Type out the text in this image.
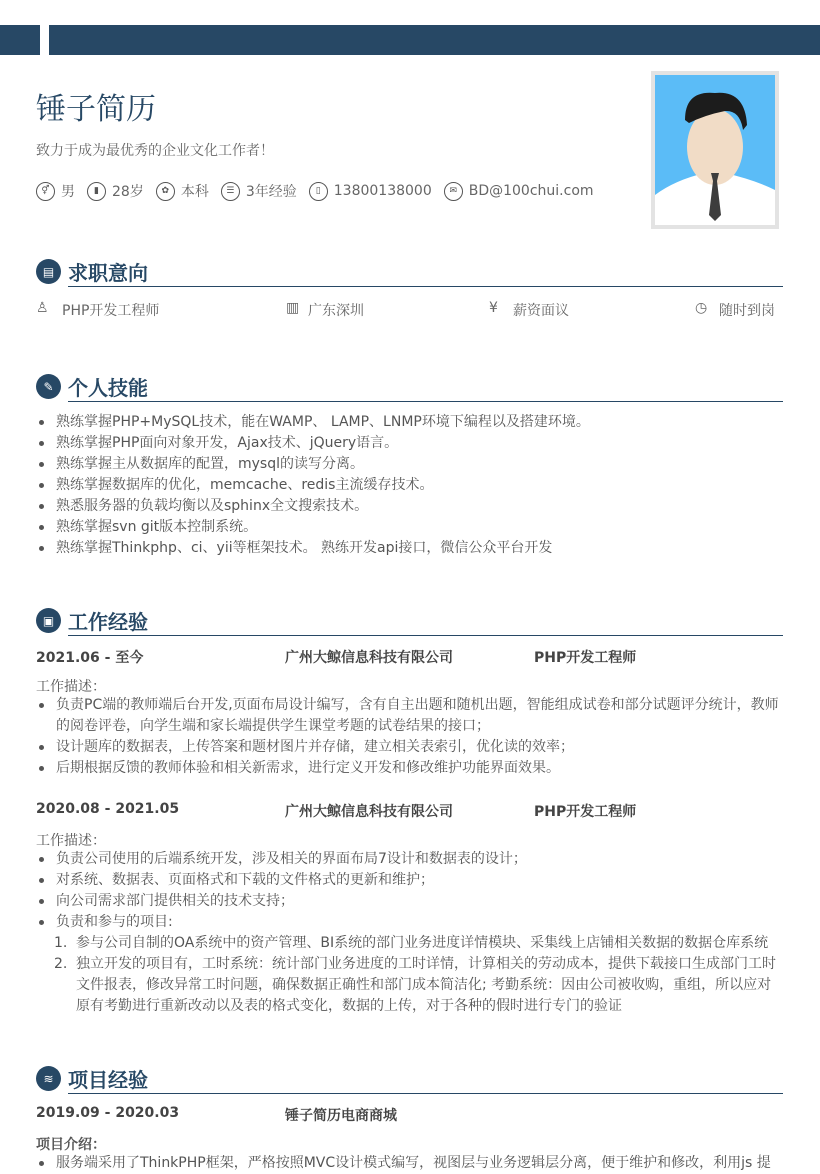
锤子简历
致力于成为最优秀的企业文化工作者！
⚥ 男	▮ 28岁	✿ 本科	☰ 3年经验	▯ 13800138000	✉ BD@100chui.com
▤ 求职意向
♙ PHP开发工程师	▥ 广东深圳	¥ 薪资面议	◷ 随时到岗
✎ 个人技能
熟练掌握PHP+MySQL技术，能在WAMP、 LAMP、LNMP环境下编程以及搭建环境。
熟练掌握PHP面向对象开发，Ajax技术、jQuery语言。
熟练掌握主从数据库的配置，mysql的读写分离。
熟练掌握数据库的优化，memcache、redis主流缓存技术。
熟悉服务器的负载均衡以及sphinx全文搜索技术。
熟练掌握svn git版本控制系统。
熟练掌握Thinkphp、ci、yii等框架技术。 熟练开发api接口，微信公众平台开发
▣ 工作经验
2021.06 - 至今	广州大鲸信息科技有限公司	PHP开发工程师
工作描述：
负责PC端的教师端后台开发,页面布局设计编写，含有自主出题和随机出题，智能组成试卷和部分试题评分统计，教师的阅卷评卷，向学生端和家长端提供学生课堂考题的试卷结果的接口；
设计题库的数据表，上传答案和题材图片并存储，建立相关表索引，优化读的效率；
后期根据反馈的教师体验和相关新需求，进行定义开发和修改维护功能界面效果。
2020.08 - 2021.05	广州大鲸信息科技有限公司	PHP开发工程师
工作描述：
负责公司使用的后端系统开发，涉及相关的界面布局7设计和数据表的设计；
对系统、数据表、页面格式和下载的文件格式的更新和维护；
向公司需求部门提供相关的技术支持；
负责和参与的项目:
1. 参与公司自制的OA系统中的资产管理、BI系统的部门业务进度详情模块、采集线上店铺相关数据的数据仓库系统
2. 独立开发的项目有，工时系统：统计部门业务进度的工时详情，计算相关的劳动成本，提供下载接口生成部门工时文件报表，修改异常工时问题，确保数据正确性和部门成本简洁化; 考勤系统：因由公司被收购，重组，所以应对原有考勤进行重新改动以及表的格式变化，数据的上传，对于各种的假时进行专门的验证
≋ 项目经验
2019.09 - 2020.03	锤子简历电商商城
项目介绍：
服务端采用了ThinkPHP框架，严格按照MVC设计模式编写，视图层与业务逻辑层分离，便于维护和修改，利用js 提
